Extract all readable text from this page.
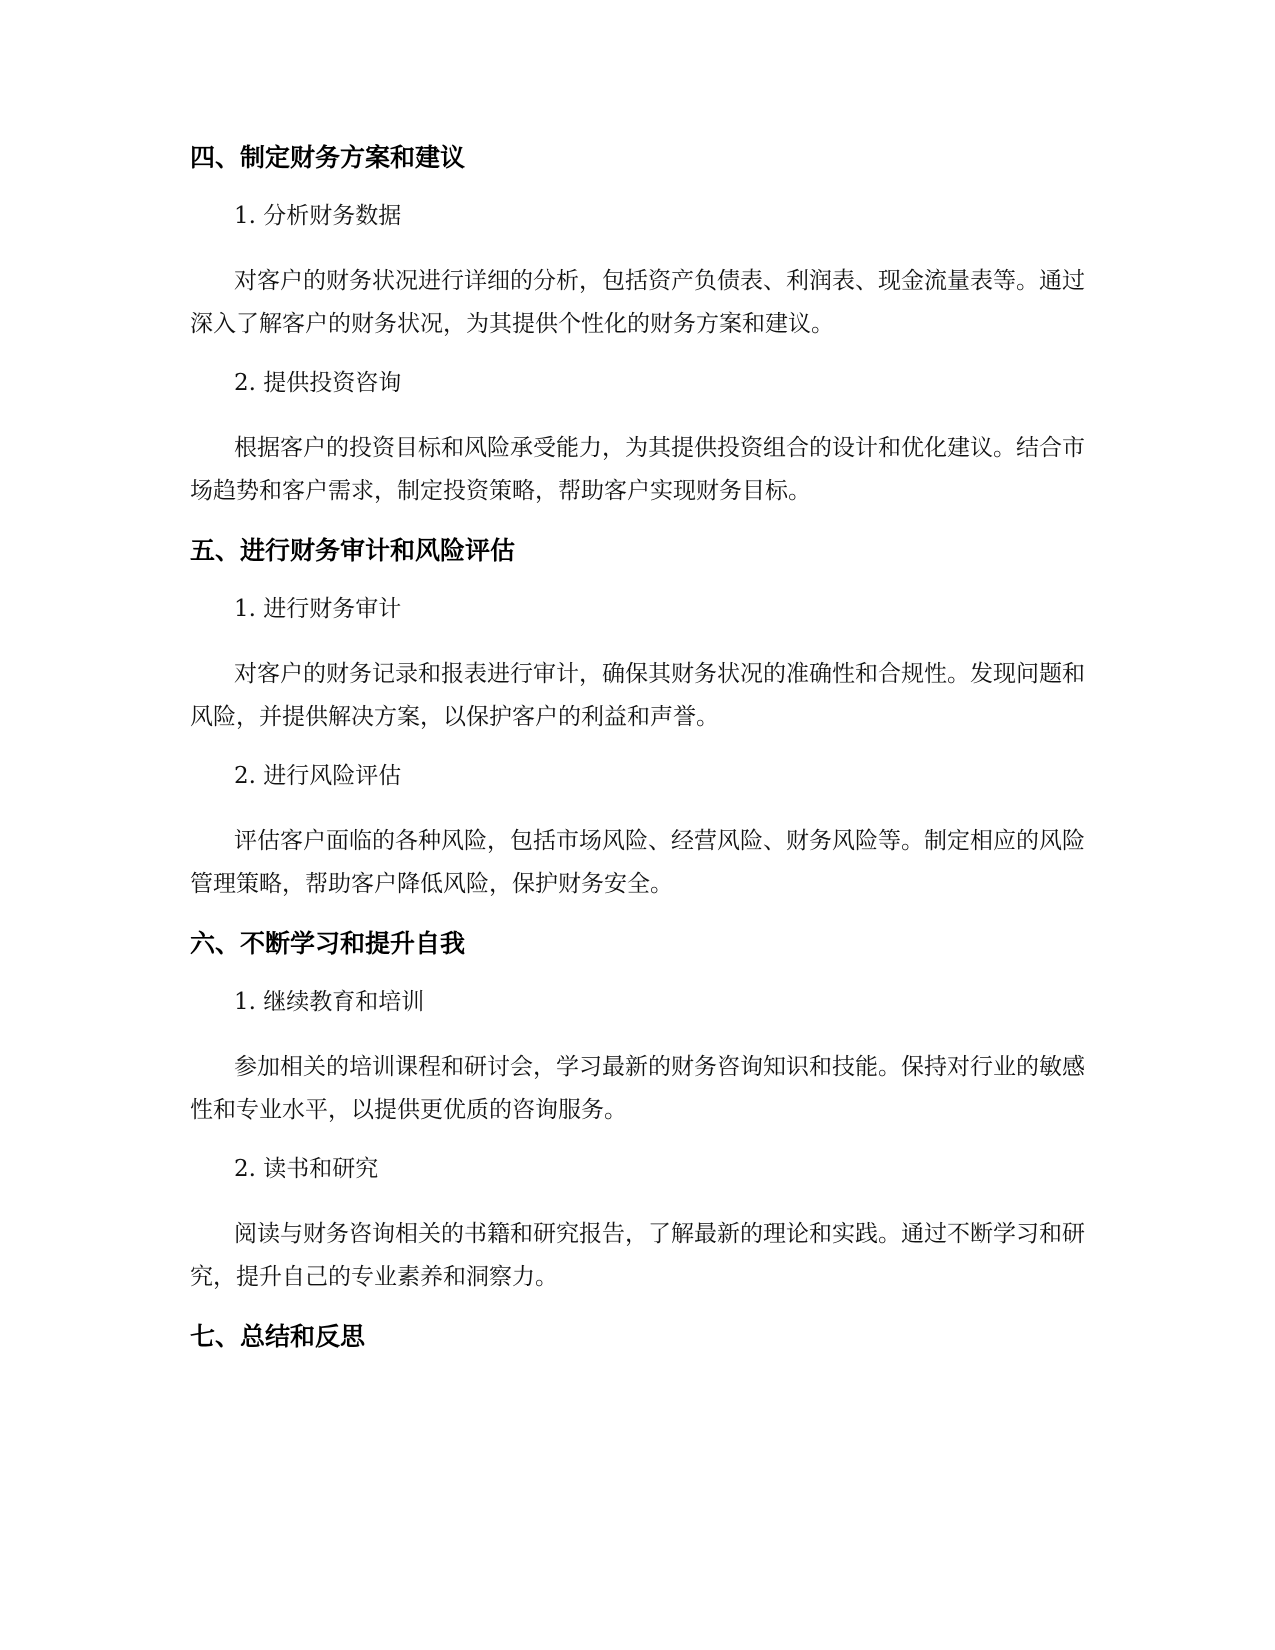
四、制定财务方案和建议

1. 分析财务数据

对客户的财务状况进行详细的分析，包括资产负债表、利润表、现金流量表等。通过深入了解客户的财务状况，为其提供个性化的财务方案和建议。

2. 提供投资咨询

根据客户的投资目标和风险承受能力，为其提供投资组合的设计和优化建议。结合市场趋势和客户需求，制定投资策略，帮助客户实现财务目标。

五、进行财务审计和风险评估

1. 进行财务审计

对客户的财务记录和报表进行审计，确保其财务状况的准确性和合规性。发现问题和风险，并提供解决方案，以保护客户的利益和声誉。

2. 进行风险评估

评估客户面临的各种风险，包括市场风险、经营风险、财务风险等。制定相应的风险管理策略，帮助客户降低风险，保护财务安全。

六、不断学习和提升自我

1. 继续教育和培训

参加相关的培训课程和研讨会，学习最新的财务咨询知识和技能。保持对行业的敏感性和专业水平，以提供更优质的咨询服务。

2. 读书和研究

阅读与财务咨询相关的书籍和研究报告，了解最新的理论和实践。通过不断学习和研究，提升自己的专业素养和洞察力。

七、总结和反思
